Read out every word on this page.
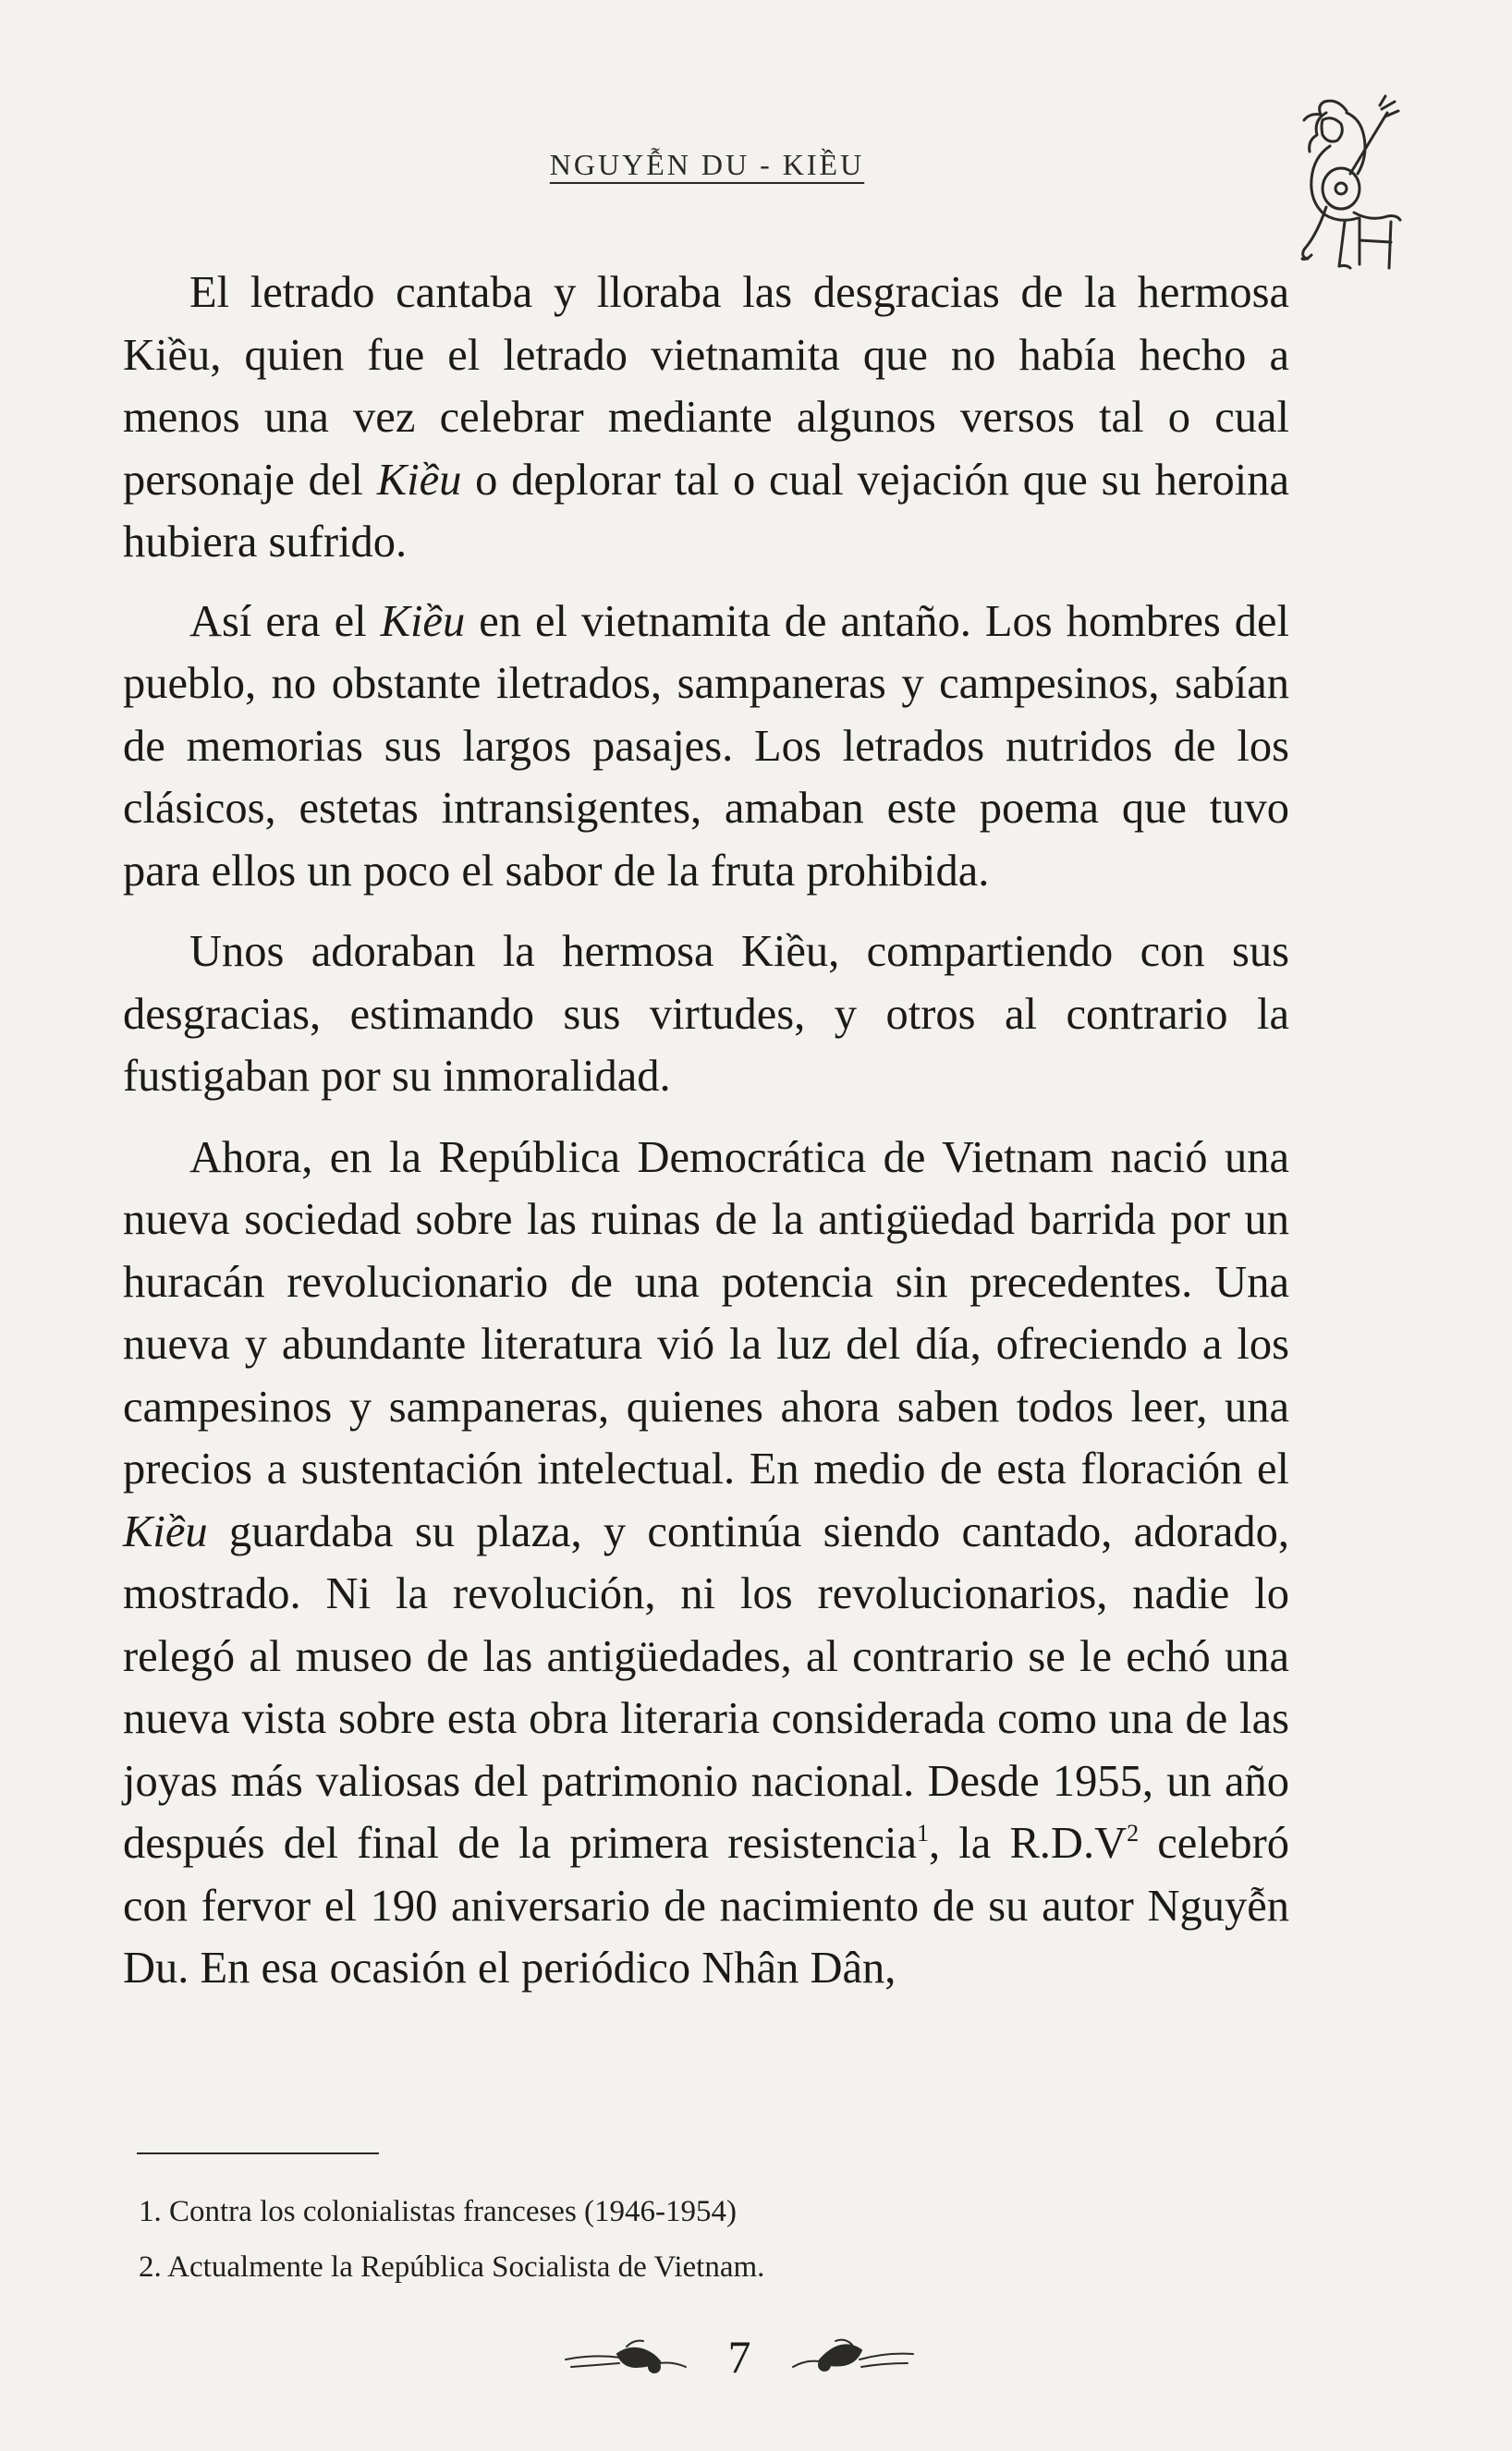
NGUYỄN DU - KIỀU

El letrado cantaba y lloraba las desgracias de la hermosa Kiều, quien fue el letrado vietnamita que no había hecho a menos una vez celebrar mediante algunos versos tal o cual personaje del Kiều o deplorar tal o cual vejación que su heroina hubiera sufrido.

Así era el Kiều en el vietnamita de antaño. Los hombres del pueblo, no obstante iletrados, sampaneras y campesinos, sabían de memorias sus largos pasajes. Los letrados nutridos de los clásicos, estetas intransigentes, amaban este poema que tuvo para ellos un poco el sabor de la fruta prohibida.

Unos adoraban la hermosa Kiều, compartiendo con sus desgracias, estimando sus virtudes, y otros al contrario la fustigaban por su inmoralidad.

Ahora, en la República Democrática de Vietnam nació una nueva sociedad sobre las ruinas de la antigüedad barrida por un huracán revolucionario de una potencia sin precedentes. Una nueva y abundante literatura vió la luz del día, ofreciendo a los campesinos y sampaneras, quienes ahora saben todos leer, una precios a sustentación intelectual. En medio de esta floración el Kiều guardaba su plaza, y continúa siendo cantado, adorado, mostrado. Ni la revolución, ni los revolucionarios, nadie lo relegó al museo de las antigüedades, al contrario se le echó una nueva vista sobre esta obra literaria considerada como una de las joyas más valiosas del patrimonio nacional. Desde 1955, un año después del final de la primera resistencia$^1$, la $R.D.V^2$ celebró con fervor el 190 aniversario de nacimiento de su autor Nguyễn Du. En esa ocasión el periódico Nhân Dân,

1. Contra los colonialistas franceses (1946-1954)

2. Actualmente la República Socialista de Vietnam.

7
